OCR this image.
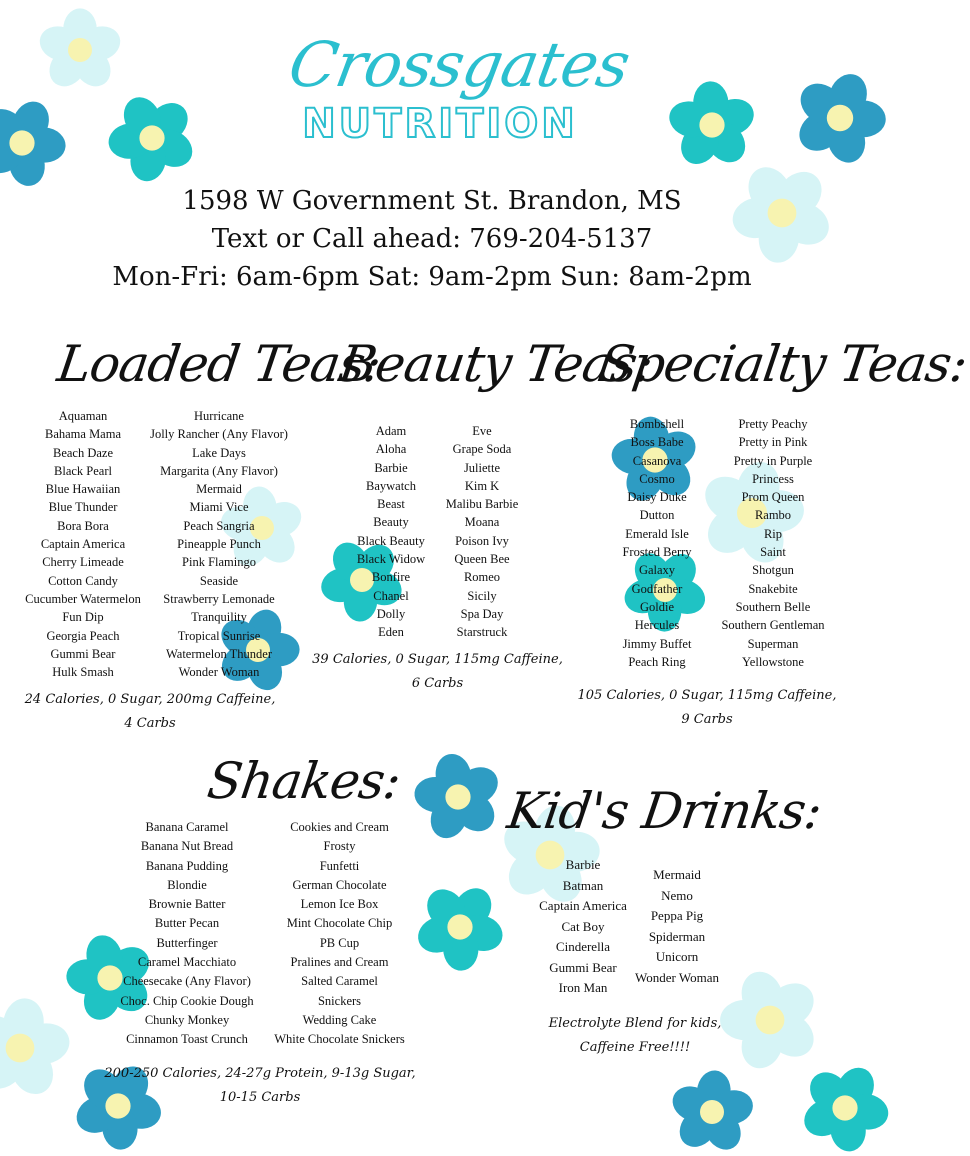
Crossgates
NUTRITION
1598 W Government St. Brandon, MS
Text or Call ahead: 769-204-5137
Mon-Fri: 6am-6pm Sat: 9am-2pm Sun: 8am-2pm
Loaded Teas:
Aquaman
Bahama Mama
Beach Daze
Black Pearl
Blue Hawaiian
Blue Thunder
Bora Bora
Captain America
Cherry Limeade
Cotton Candy
Cucumber Watermelon
Fun Dip
Georgia Peach
Gummi Bear
Hulk Smash
Hurricane
Jolly Rancher (Any Flavor)
Lake Days
Margarita (Any Flavor)
Mermaid
Miami Vice
Peach Sangria
Pineapple Punch
Pink Flamingo
Seaside
Strawberry Lemonade
Tranquility
Tropical Sunrise
Watermelon Thunder
Wonder Woman
24 Calories, 0 Sugar, 200mg Caffeine,
4 Carbs
Beauty Teas:
Adam
Aloha
Barbie
Baywatch
Beast
Beauty
Black Beauty
Black Widow
Bonfire
Chanel
Dolly
Eden
Eve
Grape Soda
Juliette
Kim K
Malibu Barbie
Moana
Poison Ivy
Queen Bee
Romeo
Sicily
Spa Day
Starstruck
39 Calories, 0 Sugar, 115mg Caffeine,
6 Carbs
Specialty Teas:
Bombshell
Boss Babe
Casanova
Cosmo
Daisy Duke
Dutton
Emerald Isle
Frosted Berry
Galaxy
Godfather
Goldie
Hercules
Jimmy Buffet
Peach Ring
Pretty Peachy
Pretty in Pink
Pretty in Purple
Princess
Prom Queen
Rambo
Rip
Saint
Shotgun
Snakebite
Southern Belle
Southern Gentleman
Superman
Yellowstone
105 Calories, 0 Sugar, 115mg Caffeine,
9 Carbs
Shakes:
Banana Caramel
Banana Nut Bread
Banana Pudding
Blondie
Brownie Batter
Butter Pecan
Butterfinger
Caramel Macchiato
Cheesecake (Any Flavor)
Choc. Chip Cookie Dough
Chunky Monkey
Cinnamon Toast Crunch
Cookies and Cream
Frosty
Funfetti
German Chocolate
Lemon Ice Box
Mint Chocolate Chip
PB Cup
Pralines and Cream
Salted Caramel
Snickers
Wedding Cake
White Chocolate Snickers
200-250 Calories, 24-27g Protein, 9-13g Sugar,
10-15 Carbs
Kid's Drinks:
Barbie
Batman
Captain America
Cat Boy
Cinderella
Gummi Bear
Iron Man
Mermaid
Nemo
Peppa Pig
Spiderman
Unicorn
Wonder Woman
Electrolyte Blend for kids,
Caffeine Free!!!!
